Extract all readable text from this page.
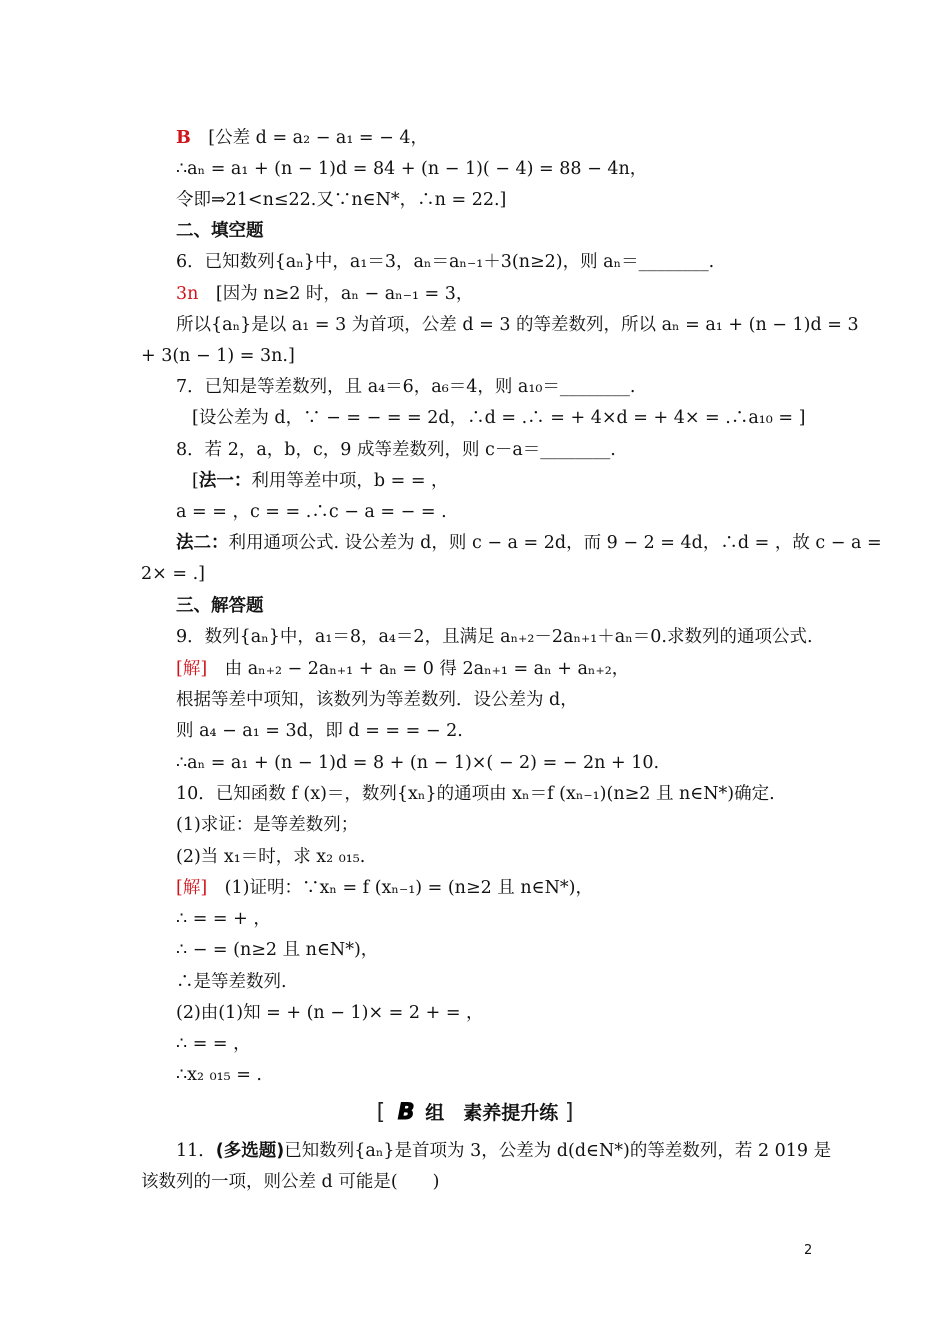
B　[公差 d = a₂ − a₁ = − 4，
∴aₙ = a₁ + (n − 1)d = 84 + (n − 1)( − 4) = 88 − 4n，
令即⇒21<n≤22.又∵n∈N*，∴n = 22.]
二、填空题
6．已知数列{aₙ}中，a₁＝3，aₙ＝aₙ₋₁＋3(n≥2)，则 aₙ＝________.
3n　[因为 n≥2 时，aₙ − aₙ₋₁ = 3，
所以{aₙ}是以 a₁ = 3 为首项，公差 d = 3 的等差数列，所以 aₙ = a₁ + (n − 1)d = 3
+ 3(n − 1) = 3n.]
7．已知是等差数列，且 a₄＝6，a₆＝4，则 a₁₀＝________.
[设公差为 d，∵ − = − = = 2d，∴d = .∴ = + 4×d = + 4× = .∴a₁₀ = ]
8．若 2，a，b，c，9 成等差数列，则 c－a＝________.
[法一：利用等差中项，b = = ，
a = = ，c = = .∴c − a = − = .
法二：利用通项公式. 设公差为 d，则 c − a = 2d，而 9 − 2 = 4d，∴d = ，故 c − a =
2× = .]
三、解答题
9．数列{aₙ}中，a₁＝8，a₄＝2，且满足 aₙ₊₂－2aₙ₊₁＋aₙ＝0.求数列的通项公式.
[解]　由 aₙ₊₂ − 2aₙ₊₁ + aₙ = 0 得 2aₙ₊₁ = aₙ + aₙ₊₂，
根据等差中项知，该数列为等差数列．设公差为 d，
则 a₄ − a₁ = 3d，即 d = = = − 2.
∴aₙ = a₁ + (n − 1)d = 8 + (n − 1)×( − 2) = − 2n + 10.
10．已知函数 f (x)＝，数列{xₙ}的通项由 xₙ＝f (xₙ₋₁)(n≥2 且 n∈N*)确定.
(1)求证：是等差数列；
(2)当 x₁＝时，求 x₂ ₀₁₅.
[解]　(1)证明：∵xₙ = f (xₙ₋₁) = (n≥2 且 n∈N*)，
∴ = = + ，
∴ − = (n≥2 且 n∈N*)，
∴是等差数列.
(2)由(1)知 = + (n − 1)× = 2 + = ，
∴ = = ，
∴x₂ ₀₁₅ = .
[ B 组　素养提升练 ]
11．(多选题)已知数列{aₙ}是首项为 3，公差为 d(d∈N*)的等差数列，若 2 019 是
该数列的一项，则公差 d 可能是(　　)
2
